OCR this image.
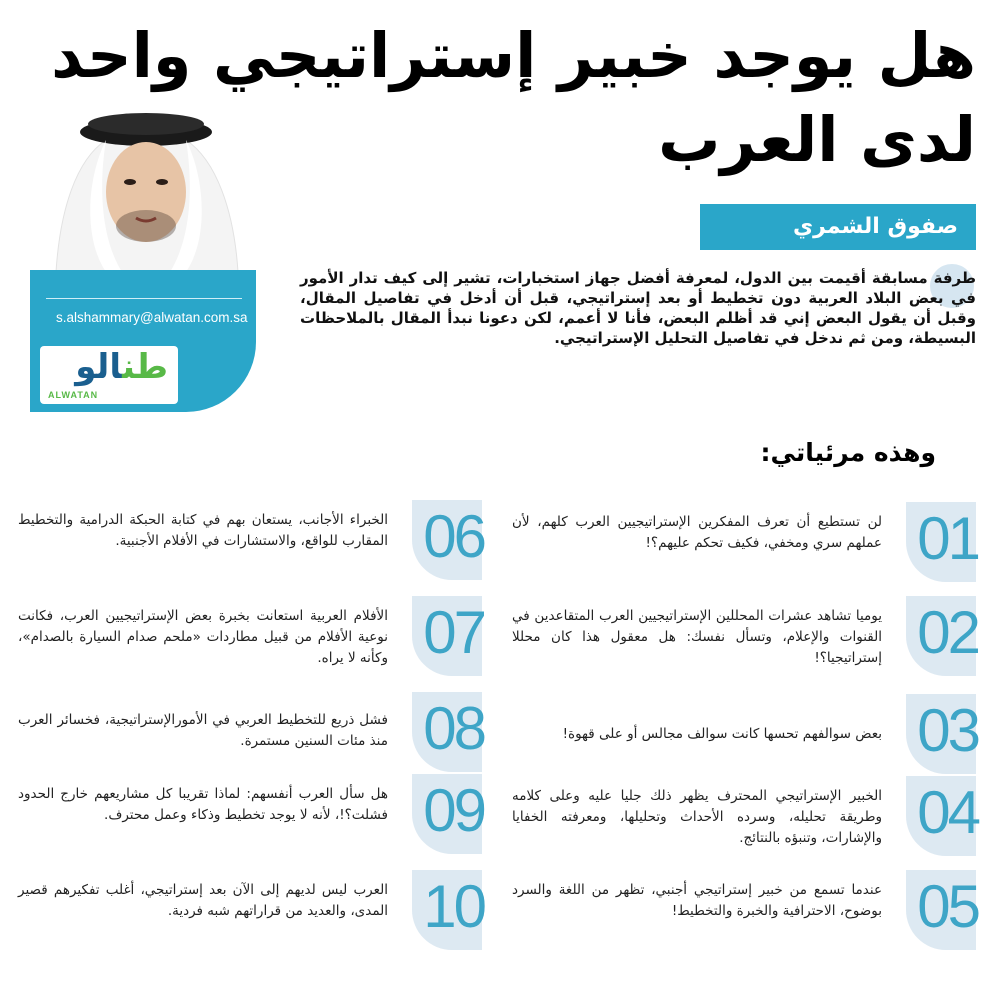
هل يوجد خبير إستراتيجي واحد لدى العرب
صفوق الشمري
s.alshammary@alwatan.com.sa
طنالو
ALWATAN
طرفة مسابقة أقيمت بين الدول، لمعرفة أفضل جهاز استخبارات، تشير إلى كيف تدار الأمور في بعض البلاد العربية دون تخطيط أو بعد إستراتيجي، قبل أن أدخل في تفاصيل المقال، وقبل أن يقول البعض إني قد أظلم البعض، فأنا لا أعمم، لكن دعونا نبدأ المقال بالملاحظات البسيطة، ومن ثم ندخل في تفاصيل التحليل الإستراتيجي.
وهذه مرئياتي:
01
لن تستطيع أن تعرف المفكرين الإستراتيجيين العرب كلهم، لأن عملهم سري ومخفي، فكيف تحكم عليهم؟!
02
يوميا تشاهد عشرات المحللين الإستراتيجيين العرب المتقاعدين في القنوات والإعلام، وتسأل نفسك: هل معقول هذا كان محللا إستراتيجيا؟!
03
بعض سوالفهم تحسها كانت سوالف مجالس أو على قهوة!
04
الخبير الإستراتيجي المحترف يظهر ذلك جليا عليه وعلى كلامه وطريقة تحليله، وسرده الأحداث وتحليلها، ومعرفته الخفايا والإشارات، وتنبؤه بالنتائج.
05
عندما تسمع من خبير إستراتيجي أجنبي، تظهر من اللغة والسرد بوضوح، الاحترافية والخبرة والتخطيط!
06
الخبراء الأجانب، يستعان بهم في كتابة الحبكة الدرامية والتخطيط المقارب للواقع، والاستشارات في الأفلام الأجنبية.
07
الأفلام العربية استعانت بخبرة بعض الإستراتيجيين العرب، فكانت نوعية الأفلام من قبيل مطاردات «ملحم صدام السيارة بالصدام»، وكأنه لا يراه.
08
فشل ذريع للتخطيط العربي في الأمورالإستراتيجية، فخسائر العرب منذ مئات السنين مستمرة.
09
هل سأل العرب أنفسهم: لماذا تقريبا كل مشاريعهم خارج الحدود فشلت؟!، لأنه لا يوجد تخطيط وذكاء وعمل محترف.
10
العرب ليس لديهم إلى الآن بعد إستراتيجي، أغلب تفكيرهم قصير المدى، والعديد من قراراتهم شبه فردية.
